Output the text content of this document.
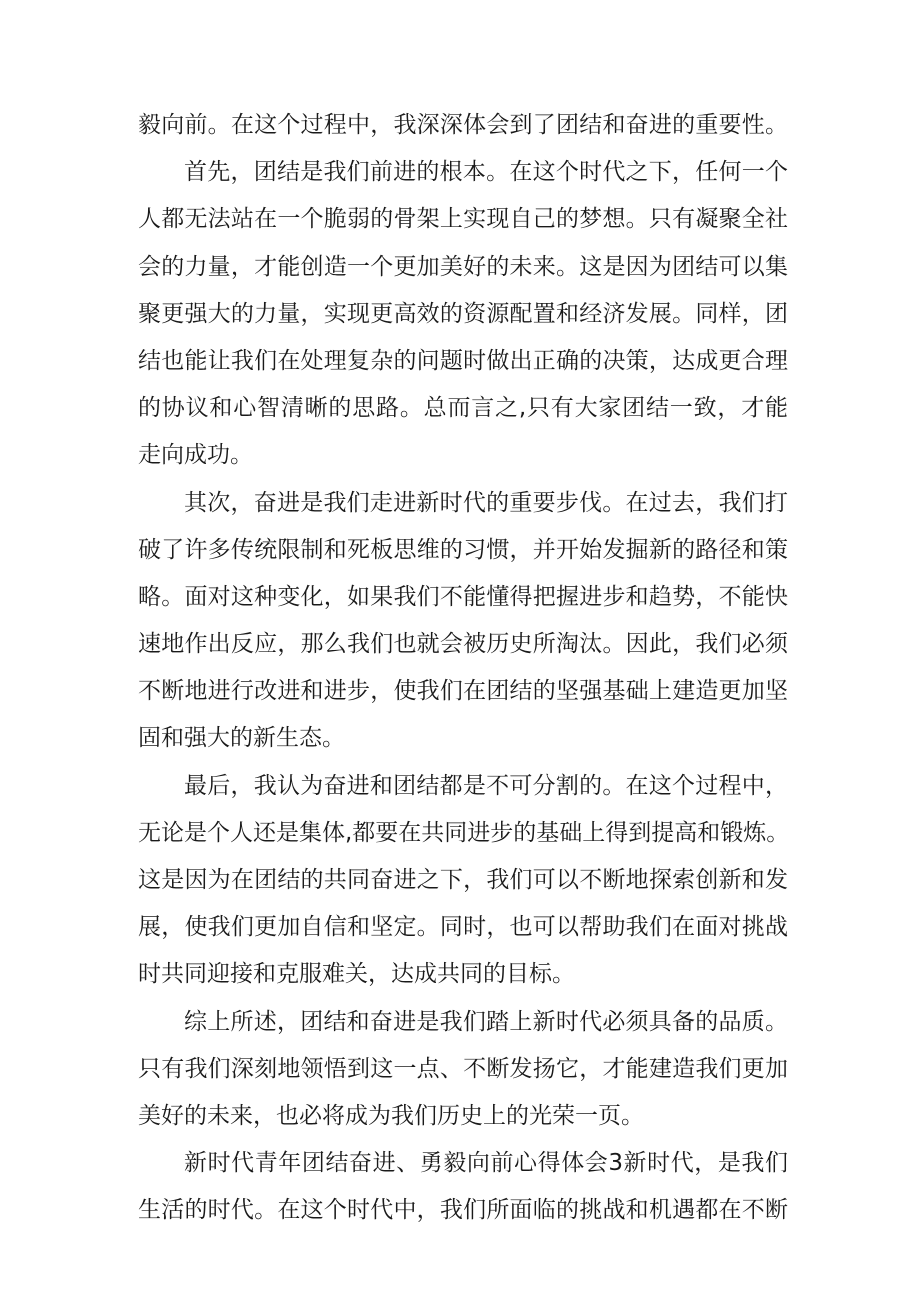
毅向前。在这个过程中，我深深体会到了团结和奋进的重要性。
首先，团结是我们前进的根本。在这个时代之下，任何一个
人都无法站在一个脆弱的骨架上实现自己的梦想。只有凝聚全社
会的力量，才能创造一个更加美好的未来。这是因为团结可以集
聚更强大的力量，实现更高效的资源配置和经济发展。同样，团
结也能让我们在处理复杂的问题时做出正确的决策，达成更合理
的协议和心智清晰的思路。总而言之,只有大家团结一致，才能
走向成功。
其次，奋进是我们走进新时代的重要步伐。在过去，我们打
破了许多传统限制和死板思维的习惯，并开始发掘新的路径和策
略。面对这种变化，如果我们不能懂得把握进步和趋势，不能快
速地作出反应，那么我们也就会被历史所淘汰。因此，我们必须
不断地进行改进和进步，使我们在团结的坚强基础上建造更加坚
固和强大的新生态。
最后，我认为奋进和团结都是不可分割的。在这个过程中，
无论是个人还是集体,都要在共同进步的基础上得到提高和锻炼。
这是因为在团结的共同奋进之下，我们可以不断地探索创新和发
展，使我们更加自信和坚定。同时，也可以帮助我们在面对挑战
时共同迎接和克服难关，达成共同的目标。
综上所述，团结和奋进是我们踏上新时代必须具备的品质。
只有我们深刻地领悟到这一点、不断发扬它，才能建造我们更加
美好的未来，也必将成为我们历史上的光荣一页。
新时代青年团结奋进、勇毅向前心得体会3新时代，是我们
生活的时代。在这个时代中，我们所面临的挑战和机遇都在不断
